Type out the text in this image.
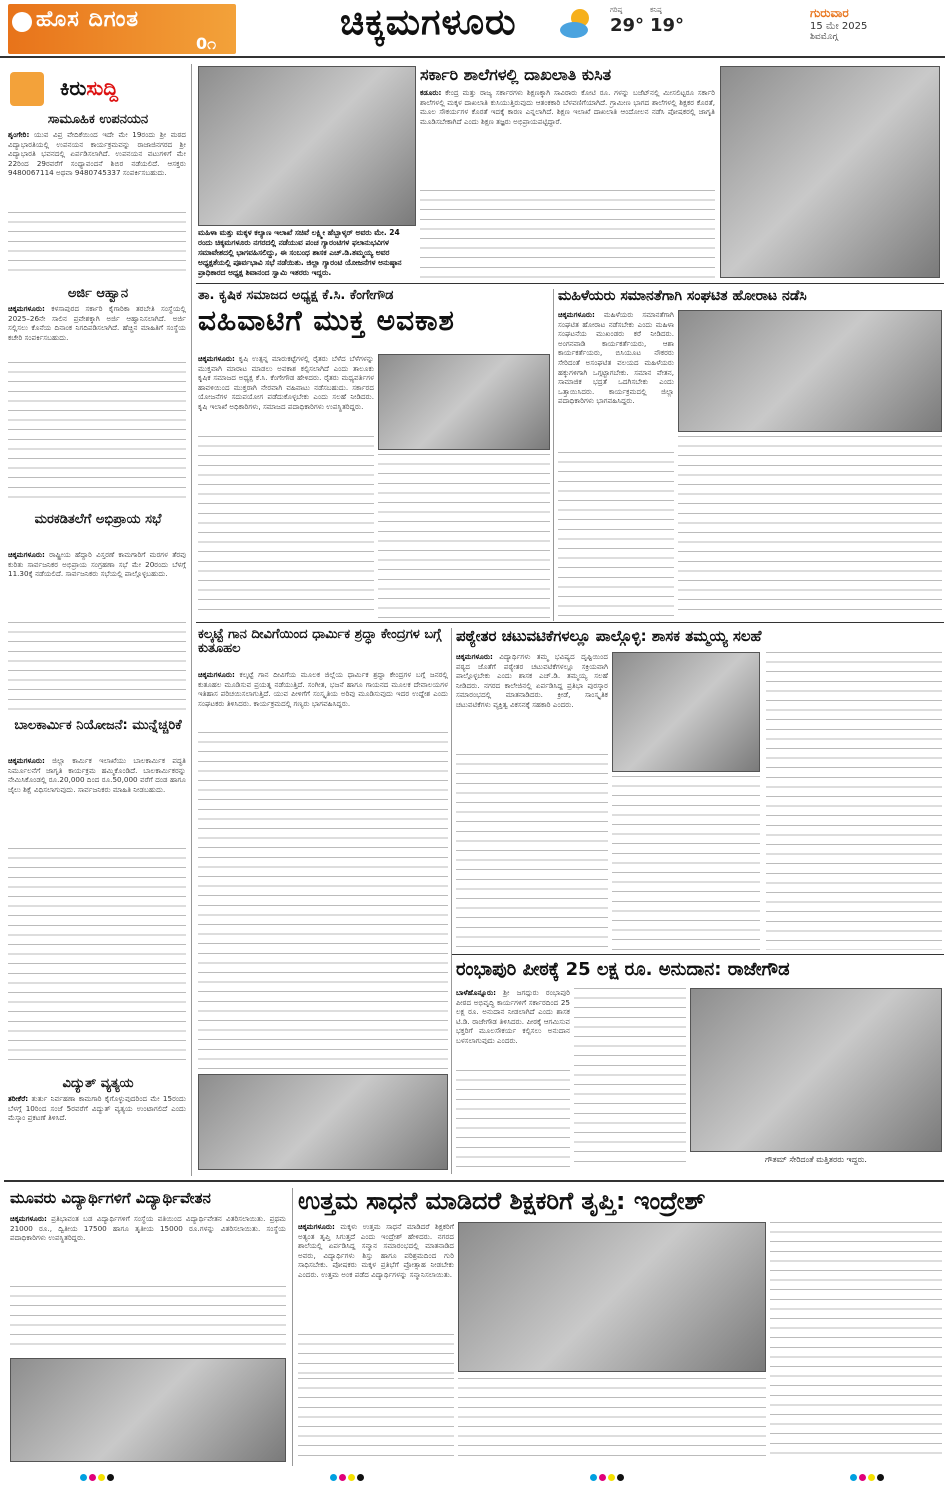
ಹೊಸ ದಿಗಂತ
0೧
ಚಿಕ್ಕಮಗಳೂರು	ಗರಿಷ್ಠ
29°
ಕನಿಷ್ಠ
19°
ಗುರುವಾರ
15 ಮೇ 2025
ಶಿವಮೊಗ್ಗ
ಕಿರುಸುದ್ದಿ
ಸಾಮೂಹಿಕ ಉಪನಯನ
ಶೃಂಗೇರಿ: ಯುವ ವಿಪ್ರ ವೇದಿಕೆಯಿಂದ ಇದೇ ಮೇ 19ರಂದು ಶ್ರೀ ಮಠದ ವಿದ್ಯಾಭಾರತಿಯಲ್ಲಿ ಉಪನಯನ ಕಾರ್ಯಕ್ರಮವನ್ನು ರಾಜಾಜಿನಗರದ ಶ್ರೀ ವಿದ್ಯಾಭಾರತಿ ಭವನದಲ್ಲಿ ಏರ್ಪಡಿಸಲಾಗಿದೆ. ಉಪನಯನ ವಟುಗಳಿಗೆ ಮೇ 22ರಿಂದ 29ರವರೆಗೆ ಸಂಧ್ಯಾವಂದನೆ ಶಿಬಿರ ನಡೆಯಲಿದೆ. ಆಸಕ್ತರು 9480067114 ಅಥವಾ 9480745337 ಸಂಪರ್ಕಿಸಬಹುದು.
ಅರ್ಜಿ ಆಹ್ವಾನ
ಚಿಕ್ಕಮಗಳೂರು: ಕಳಸಾಪುರದ ಸರ್ಕಾರಿ ಕೈಗಾರಿಕಾ ತರಬೇತಿ ಸಂಸ್ಥೆಯಲ್ಲಿ 2025–26ನೇ ಸಾಲಿನ ಪ್ರವೇಶಕ್ಕಾಗಿ ಅರ್ಜಿ ಆಹ್ವಾನಿಸಲಾಗಿದೆ. ಅರ್ಜಿ ಸಲ್ಲಿಸಲು ಕೊನೆಯ ದಿನಾಂಕ ನಿಗದಿಪಡಿಸಲಾಗಿದೆ. ಹೆಚ್ಚಿನ ಮಾಹಿತಿಗೆ ಸಂಸ್ಥೆಯ ಕಚೇರಿ ಸಂಪರ್ಕಿಸಬಹುದು.
ಮರಕಡಿತಲೆಗೆ ಅಭಿಪ್ರಾಯ ಸಭೆ
ಚಿಕ್ಕಮಗಳೂರು: ರಾಷ್ಟ್ರೀಯ ಹೆದ್ದಾರಿ ವಿಸ್ತರಣೆ ಕಾಮಗಾರಿಗೆ ಮರಗಳ ತೆರವು ಕುರಿತು ಸಾರ್ವಜನಿಕರ ಅಭಿಪ್ರಾಯ ಸಂಗ್ರಹಣಾ ಸಭೆ ಮೇ 20ರಂದು ಬೆಳಗ್ಗೆ 11.30ಕ್ಕೆ ನಡೆಯಲಿದೆ. ಸಾರ್ವಜನಿಕರು ಸಭೆಯಲ್ಲಿ ಪಾಲ್ಗೊಳ್ಳಬಹುದು.
ಬಾಲಕಾರ್ಮಿಕ ನಿಯೋಜನೆ: ಮುನ್ನೆಚ್ಚರಿಕೆ
ಚಿಕ್ಕಮಗಳೂರು: ಜಿಲ್ಲಾ ಕಾರ್ಮಿಕ ಇಲಾಖೆಯು ಬಾಲಕಾರ್ಮಿಕ ಪದ್ಧತಿ ನಿರ್ಮೂಲನೆಗೆ ಜಾಗೃತಿ ಕಾರ್ಯಕ್ರಮ ಹಮ್ಮಿಕೊಂಡಿದೆ. ಬಾಲಕಾರ್ಮಿಕರನ್ನು ನೇಮಿಸಿಕೊಂಡಲ್ಲಿ ರೂ.20,000 ದಿಂದ ರೂ.50,000 ವರೆಗೆ ದಂಡ ಹಾಗೂ ಜೈಲು ಶಿಕ್ಷೆ ವಿಧಿಸಲಾಗುವುದು. ಸಾರ್ವಜನಿಕರು ಮಾಹಿತಿ ನೀಡಬಹುದು.
ವಿದ್ಯುತ್ ವ್ಯತ್ಯಯ
ತರೀಕೆರೆ: ತುರ್ತು ನಿರ್ವಹಣಾ ಕಾಮಗಾರಿ ಕೈಗೊಳ್ಳುವುದರಿಂದ ಮೇ 15ರಂದು ಬೆಳಗ್ಗೆ 10ರಿಂದ ಸಂಜೆ 5ರವರೆಗೆ ವಿದ್ಯುತ್ ವ್ಯತ್ಯಯ ಉಂಟಾಗಲಿದೆ ಎಂದು ಮೆಸ್ಕಾಂ ಪ್ರಕಟಣೆ ತಿಳಿಸಿದೆ.
ಮಹಿಳಾ ಮತ್ತು ಮಕ್ಕಳ ಕಲ್ಯಾಣ ಇಲಾಖೆ ಸಚಿವೆ ಲಕ್ಷ್ಮೀ ಹೆಬ್ಬಾಳ್ಕರ್ ಅವರು ಮೇ. 24 ರಂದು ಚಿಕ್ಕಮಗಳೂರು ನಗರದಲ್ಲಿ ನಡೆಯುವ ಪಂಚ ಗ್ಯಾರಂಟಿಗಳ ಫಲಾನುಭವಿಗಳ ಸಮಾವೇಶದಲ್ಲಿ ಭಾಗವಹಿಸಲಿದ್ದು, ಈ ಸಂಬಂಧ ಶಾಸಕ ಎಚ್.ಡಿ.ತಮ್ಮಯ್ಯ ಅವರ ಅಧ್ಯಕ್ಷತೆಯಲ್ಲಿ ಪೂರ್ವಭಾವಿ ಸಭೆ ನಡೆಯಿತು. ಜಿಲ್ಲಾ ಗ್ಯಾರಂಟಿ ಯೋಜನೆಗಳ ಅನುಷ್ಠಾನ ಪ್ರಾಧಿಕಾರದ ಅಧ್ಯಕ್ಷ ಶಿವಾನಂದ ಸ್ವಾಮಿ ಇತರರು ಇದ್ದರು.
ಸರ್ಕಾರಿ ಶಾಲೆಗಳಲ್ಲಿ ದಾಖಲಾತಿ ಕುಸಿತ
ಕಡೂರು: ಕೇಂದ್ರ ಮತ್ತು ರಾಜ್ಯ ಸರ್ಕಾರಗಳು ಶಿಕ್ಷಣಕ್ಕಾಗಿ ಸಾವಿರಾರು ಕೋಟಿ ರೂ. ಗಳನ್ನು ಬಜೆಟ್‌ನಲ್ಲಿ ಮೀಸಲಿಟ್ಟರೂ ಸರ್ಕಾರಿ ಶಾಲೆಗಳಲ್ಲಿ ಮಕ್ಕಳ ದಾಖಲಾತಿ ಕುಸಿಯುತ್ತಿರುವುದು ಆತಂಕಕಾರಿ ಬೆಳವಣಿಗೆಯಾಗಿದೆ. ಗ್ರಾಮೀಣ ಭಾಗದ ಶಾಲೆಗಳಲ್ಲಿ ಶಿಕ್ಷಕರ ಕೊರತೆ, ಮೂಲ ಸೌಕರ್ಯಗಳ ಕೊರತೆ ಇದಕ್ಕೆ ಕಾರಣ ಎನ್ನಲಾಗಿದೆ. ಶಿಕ್ಷಣ ಇಲಾಖೆ ದಾಖಲಾತಿ ಆಂದೋಲನ ನಡೆಸಿ ಪೋಷಕರಲ್ಲಿ ಜಾಗೃತಿ ಮೂಡಿಸಬೇಕಾಗಿದೆ ಎಂದು ಶಿಕ್ಷಣ ತಜ್ಞರು ಅಭಿಪ್ರಾಯಪಟ್ಟಿದ್ದಾರೆ.
ತಾ. ಕೃಷಿಕ ಸಮಾಜದ ಅಧ್ಯಕ್ಷ ಕೆ.ಸಿ. ಕೆಂಗೇಗೌಡ
ವಹಿವಾಟಿಗೆ ಮುಕ್ತ ಅವಕಾಶ
ಚಿಕ್ಕಮಗಳೂರು: ಕೃಷಿ ಉತ್ಪನ್ನ ಮಾರುಕಟ್ಟೆಗಳಲ್ಲಿ ರೈತರು ಬೆಳೆದ ಬೆಳೆಗಳನ್ನು ಮುಕ್ತವಾಗಿ ಮಾರಾಟ ಮಾಡಲು ಅವಕಾಶ ಕಲ್ಪಿಸಲಾಗಿದೆ ಎಂದು ತಾಲೂಕು ಕೃಷಿಕ ಸಮಾಜದ ಅಧ್ಯಕ್ಷ ಕೆ.ಸಿ. ಕೆಂಗೇಗೌಡ ಹೇಳಿದರು. ರೈತರು ಮಧ್ಯವರ್ತಿಗಳ ಹಾವಳಿಯಿಂದ ಮುಕ್ತರಾಗಿ ನೇರವಾಗಿ ವಹಿವಾಟು ನಡೆಸಬಹುದು. ಸರ್ಕಾರದ ಯೋಜನೆಗಳ ಸದುಪಯೋಗ ಪಡೆದುಕೊಳ್ಳಬೇಕು ಎಂದು ಸಲಹೆ ನೀಡಿದರು. ಕೃಷಿ ಇಲಾಖೆ ಅಧಿಕಾರಿಗಳು, ಸಮಾಜದ ಪದಾಧಿಕಾರಿಗಳು ಉಪಸ್ಥಿತರಿದ್ದರು.
ಮಹಿಳೆಯರು ಸಮಾನತೆಗಾಗಿ ಸಂಘಟಿತ ಹೋರಾಟ ನಡೆಸಿ
ಚಿಕ್ಕಮಗಳೂರು: ಮಹಿಳೆಯರು ಸಮಾನತೆಗಾಗಿ ಸಂಘಟಿತ ಹೋರಾಟ ನಡೆಸಬೇಕು ಎಂದು ಮಹಿಳಾ ಸಂಘಟನೆಯ ಮುಖಂಡರು ಕರೆ ನೀಡಿದರು. ಅಂಗನವಾಡಿ ಕಾರ್ಯಕರ್ತೆಯರು, ಆಶಾ ಕಾರ್ಯಕರ್ತೆಯರು, ಬಿಸಿಯೂಟ ನೌಕರರು ಸೇರಿದಂತೆ ಅಸಂಘಟಿತ ವಲಯದ ಮಹಿಳೆಯರು ಹಕ್ಕುಗಳಿಗಾಗಿ ಒಗ್ಗಟ್ಟಾಗಬೇಕು. ಸಮಾನ ವೇತನ, ಸಾಮಾಜಿಕ ಭದ್ರತೆ ಒದಗಿಸಬೇಕು ಎಂದು ಒತ್ತಾಯಿಸಿದರು. ಕಾರ್ಯಕ್ರಮದಲ್ಲಿ ಜಿಲ್ಲಾ ಪದಾಧಿಕಾರಿಗಳು ಭಾಗವಹಿಸಿದ್ದರು.
ಕಲ್ಕಟ್ಟೆ ಗಾನ ದೀವಿಗೆಯಿಂದ ಧಾರ್ಮಿಕ ಶ್ರದ್ಧಾ ಕೇಂದ್ರಗಳ ಬಗ್ಗೆ ಕುತೂಹಲ
ಚಿಕ್ಕಮಗಳೂರು: ಕಲ್ಕಟ್ಟೆ ಗಾನ ದೀವಿಗೆಯ ಮೂಲಕ ಜಿಲ್ಲೆಯ ಧಾರ್ಮಿಕ ಶ್ರದ್ಧಾ ಕೇಂದ್ರಗಳ ಬಗ್ಗೆ ಜನರಲ್ಲಿ ಕುತೂಹಲ ಮೂಡಿಸುವ ಪ್ರಯತ್ನ ನಡೆಯುತ್ತಿದೆ. ಸಂಗೀತ, ಭಜನೆ ಹಾಗೂ ಗಾಯನದ ಮೂಲಕ ದೇವಾಲಯಗಳ ಇತಿಹಾಸ ಪರಿಚಯಿಸಲಾಗುತ್ತಿದೆ. ಯುವ ಪೀಳಿಗೆಗೆ ಸಂಸ್ಕೃತಿಯ ಅರಿವು ಮೂಡಿಸುವುದು ಇದರ ಉದ್ದೇಶ ಎಂದು ಸಂಘಟಕರು ತಿಳಿಸಿದರು. ಕಾರ್ಯಕ್ರಮದಲ್ಲಿ ಗಣ್ಯರು ಭಾಗವಹಿಸಿದ್ದರು.
ಪಠ್ಯೇತರ ಚಟುವಟಿಕೆಗಳಲ್ಲೂ ಪಾಲ್ಗೊಳ್ಳಿ: ಶಾಸಕ ತಮ್ಮಯ್ಯ ಸಲಹೆ
ಚಿಕ್ಕಮಗಳೂರು: ವಿದ್ಯಾರ್ಥಿಗಳು ತಮ್ಮ ಭವಿಷ್ಯದ ದೃಷ್ಟಿಯಿಂದ ಪಠ್ಯದ ಜೊತೆಗೆ ಪಠ್ಯೇತರ ಚಟುವಟಿಕೆಗಳಲ್ಲೂ ಸಕ್ರಿಯವಾಗಿ ಪಾಲ್ಗೊಳ್ಳಬೇಕು ಎಂದು ಶಾಸಕ ಎಚ್.ಡಿ. ತಮ್ಮಯ್ಯ ಸಲಹೆ ನೀಡಿದರು. ನಗರದ ಕಾಲೇಜಿನಲ್ಲಿ ಏರ್ಪಡಿಸಿದ್ದ ಪ್ರತಿಭಾ ಪುರಸ್ಕಾರ ಸಮಾರಂಭದಲ್ಲಿ ಮಾತನಾಡಿದರು. ಕ್ರೀಡೆ, ಸಾಂಸ್ಕೃತಿಕ ಚಟುವಟಿಕೆಗಳು ವ್ಯಕ್ತಿತ್ವ ವಿಕಸನಕ್ಕೆ ಸಹಕಾರಿ ಎಂದರು.
ರಂಭಾಪುರಿ ಪೀಠಕ್ಕೆ 25 ಲಕ್ಷ ರೂ. ಅನುದಾನ: ರಾಜೇಗೌಡ
ಬಾಳೆಹೊನ್ನೂರು: ಶ್ರೀ ಜಗದ್ಗುರು ರಂಭಾಪುರಿ ಪೀಠದ ಅಭಿವೃದ್ಧಿ ಕಾರ್ಯಗಳಿಗೆ ಸರ್ಕಾರದಿಂದ 25 ಲಕ್ಷ ರೂ. ಅನುದಾನ ನೀಡಲಾಗಿದೆ ಎಂದು ಶಾಸಕ ಟಿ.ಡಿ. ರಾಜೇಗೌಡ ತಿಳಿಸಿದರು. ಪೀಠಕ್ಕೆ ಆಗಮಿಸುವ ಭಕ್ತರಿಗೆ ಮೂಲಸೌಕರ್ಯ ಕಲ್ಪಿಸಲು ಅನುದಾನ ಬಳಸಲಾಗುವುದು ಎಂದರು.
ಗೌತಮ್ ಸೇರಿದಂತೆ ಮತ್ತಿತರರು ಇದ್ದರು.
ಮೂವರು ವಿದ್ಯಾರ್ಥಿಗಳಿಗೆ ವಿದ್ಯಾರ್ಥಿವೇತನ
ಚಿಕ್ಕಮಗಳೂರು: ಪ್ರತಿಭಾವಂತ ಬಡ ವಿದ್ಯಾರ್ಥಿಗಳಿಗೆ ಸಂಸ್ಥೆಯ ವತಿಯಿಂದ ವಿದ್ಯಾರ್ಥಿವೇತನ ವಿತರಿಸಲಾಯಿತು. ಪ್ರಥಮ 21000 ರೂ., ದ್ವಿತೀಯ 17500 ಹಾಗೂ ತೃತೀಯ 15000 ರೂ.ಗಳನ್ನು ವಿತರಿಸಲಾಯಿತು. ಸಂಸ್ಥೆಯ ಪದಾಧಿಕಾರಿಗಳು ಉಪಸ್ಥಿತರಿದ್ದರು.
ಉತ್ತಮ ಸಾಧನೆ ಮಾಡಿದರೆ ಶಿಕ್ಷಕರಿಗೆ ತೃಪ್ತಿ: ಇಂದ್ರೇಶ್
ಚಿಕ್ಕಮಗಳೂರು: ಮಕ್ಕಳು ಉತ್ತಮ ಸಾಧನೆ ಮಾಡಿದರೆ ಶಿಕ್ಷಕರಿಗೆ ಅತ್ಯಂತ ತೃಪ್ತಿ ಸಿಗುತ್ತದೆ ಎಂದು ಇಂದ್ರೇಶ್ ಹೇಳಿದರು. ನಗರದ ಶಾಲೆಯಲ್ಲಿ ಏರ್ಪಡಿಸಿದ್ದ ಸನ್ಮಾನ ಸಮಾರಂಭದಲ್ಲಿ ಮಾತನಾಡಿದ ಅವರು, ವಿದ್ಯಾರ್ಥಿಗಳು ಶಿಸ್ತು ಹಾಗೂ ಪರಿಶ್ರಮದಿಂದ ಗುರಿ ಸಾಧಿಸಬೇಕು. ಪೋಷಕರು ಮಕ್ಕಳ ಪ್ರತಿಭೆಗೆ ಪ್ರೋತ್ಸಾಹ ನೀಡಬೇಕು ಎಂದರು. ಉತ್ತಮ ಅಂಕ ಪಡೆದ ವಿದ್ಯಾರ್ಥಿಗಳನ್ನು ಸನ್ಮಾನಿಸಲಾಯಿತು.
